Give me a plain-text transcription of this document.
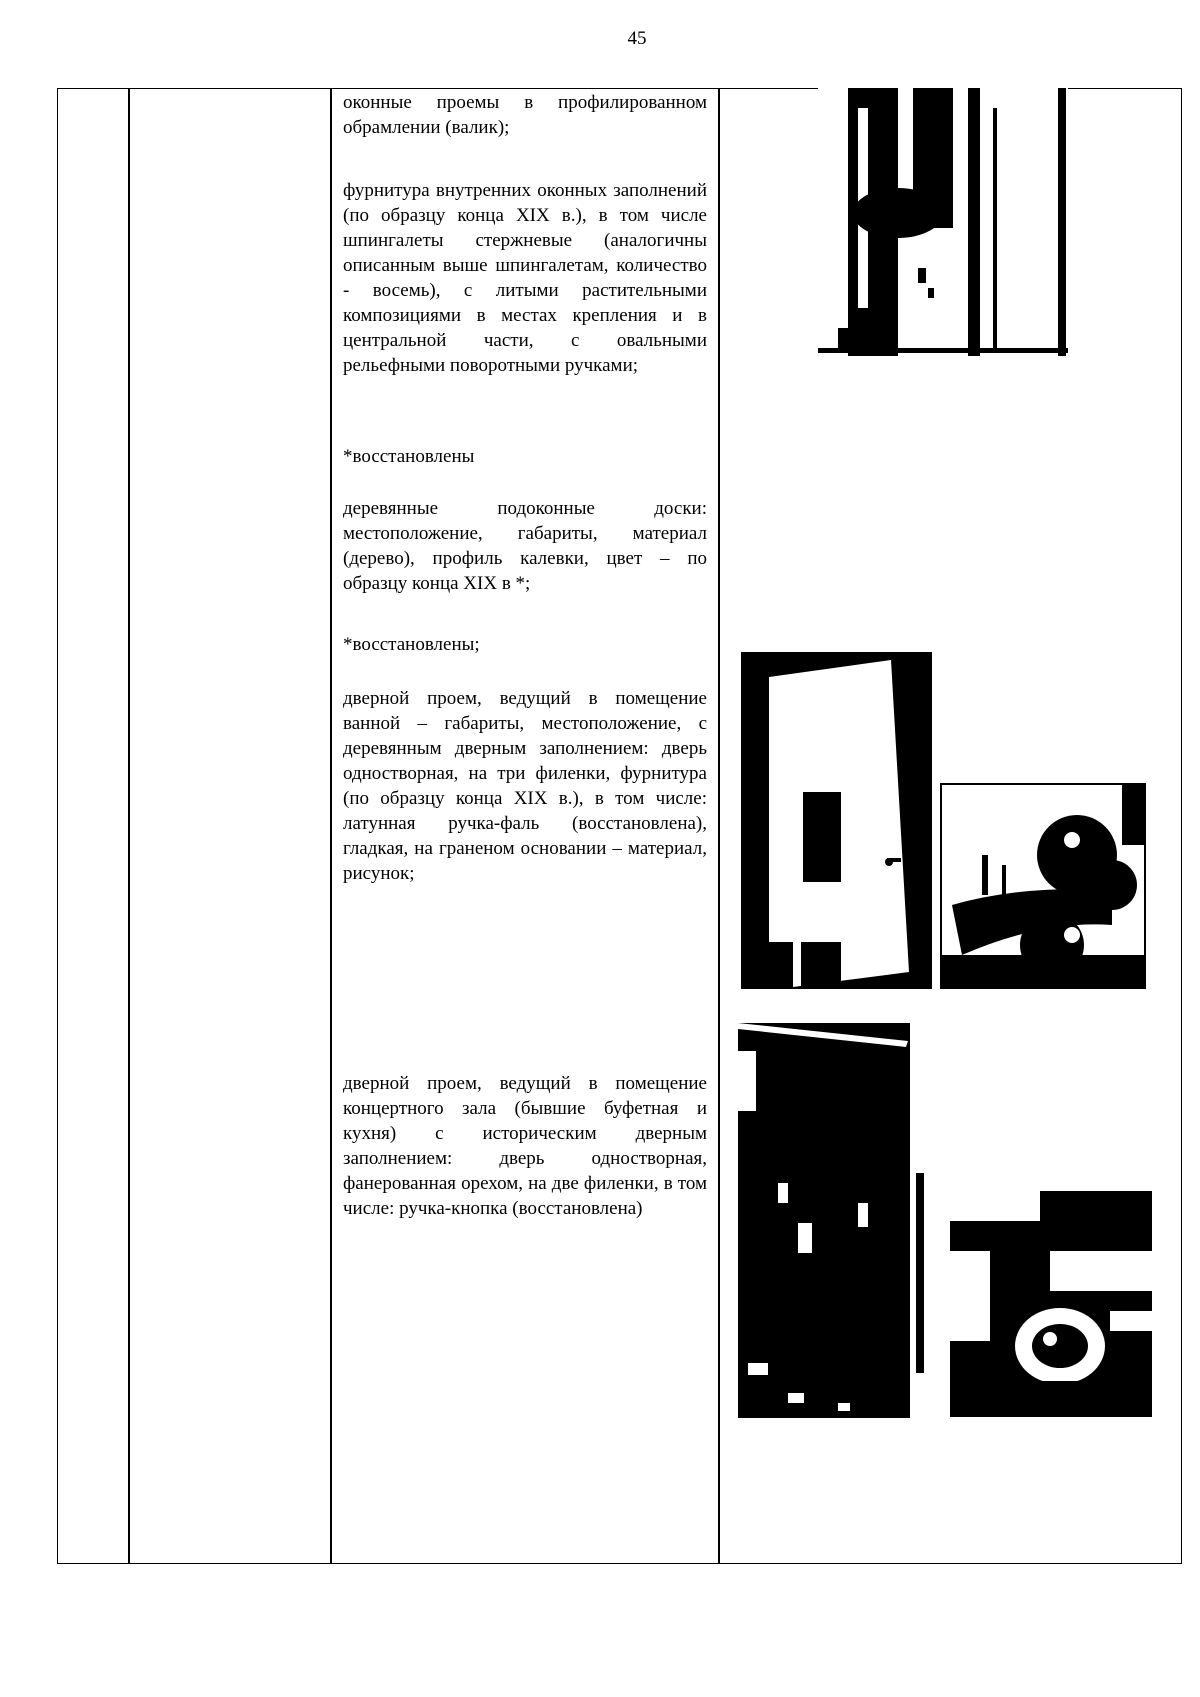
45

оконные проемы в профилированном обрамлении (валик);

фурнитура внутренних оконных заполнений (по образцу конца XIX в.), в том числе шпингалеты стержневые (аналогичны описанным выше шпингалетам, количество - восемь), с литыми растительными композициями в местах крепления и в центральной части, с овальными рельефными поворотными ручками;

*восстановлены

деревянные подоконные доски: местоположение, габариты, материал (дерево), профиль калевки, цвет – по образцу конца XIX в *;

*восстановлены;

дверной проем, ведущий в помещение ванной – габариты, местоположение, с деревянным дверным заполнением: дверь одностворная, на три филенки, фурнитура (по образцу конца XIX в.), в том числе: латунная ручка-фаль (восстановлена), гладкая, на граненом основании – материал, рисунок;

дверной проем, ведущий в помещение концертного зала (бывшие буфетная и кухня) с историческим дверным заполнением: дверь одностворная, фанерованная орехом, на две филенки, в том числе: ручка-кнопка (восстановлена)
